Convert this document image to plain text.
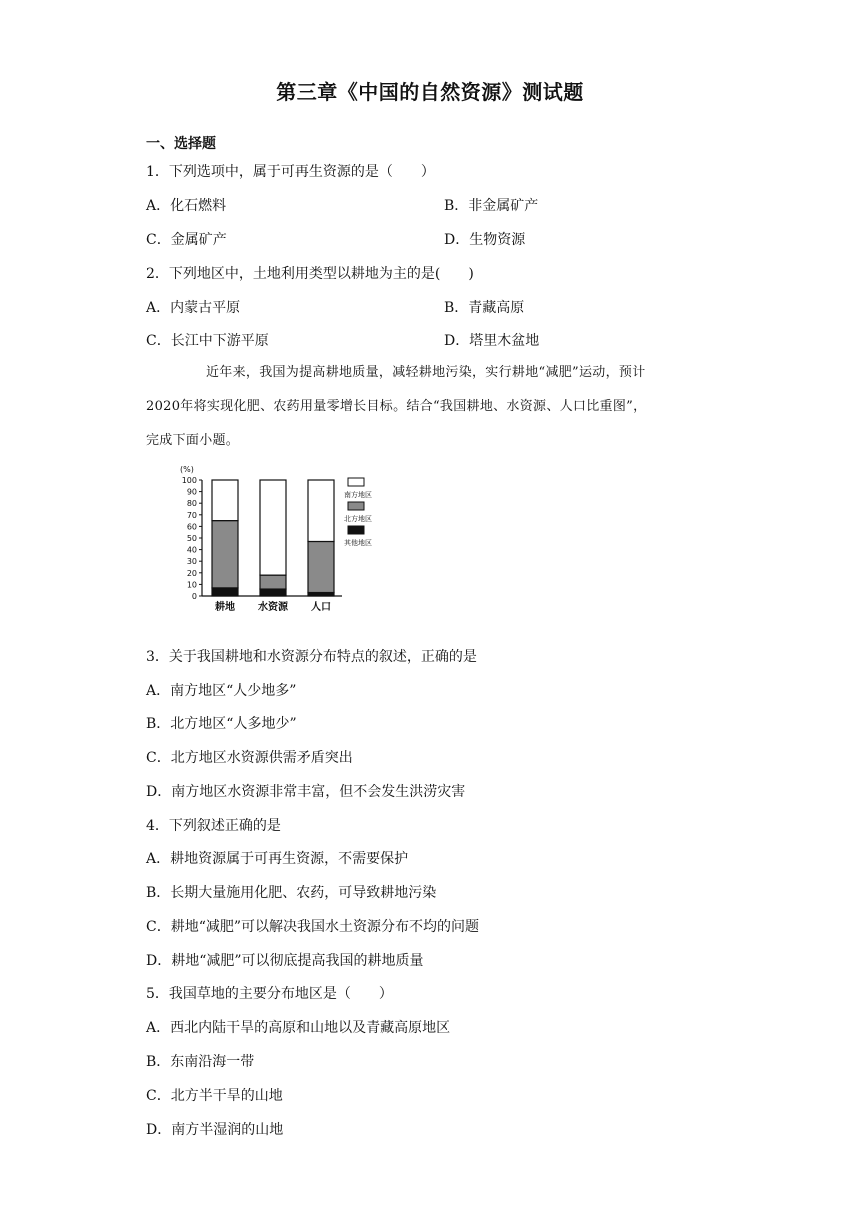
第三章《中国的自然资源》测试题
一、选择题
1．下列选项中，属于可再生资源的是（　　）
A．化石燃料	B．非金属矿产
C．金属矿产	D．生物资源
2．下列地区中，土地利用类型以耕地为主的是(　　)
A．内蒙古平原	B．青藏高原
C．长江中下游平原	D．塔里木盆地

近年来，我国为提高耕地质量，减轻耕地污染，实行耕地“减肥”运动，预计

2020年将实现化肥、农药用量零增长目标。结合“我国耕地、水资源、人口比重图”，

完成下面小题。

(%)
0
10
20
30
40
50
60
70
80
90
100
耕地 水资源 人口
南方地区
北方地区
其他地区
3．关于我国耕地和水资源分布特点的叙述，正确的是
A．南方地区“人少地多”
B．北方地区“人多地少”
C．北方地区水资源供需矛盾突出
D．南方地区水资源非常丰富，但不会发生洪涝灾害
4．下列叙述正确的是
A．耕地资源属于可再生资源，不需要保护
B．长期大量施用化肥、农药，可导致耕地污染
C．耕地“减肥”可以解决我国水土资源分布不均的问题
D．耕地“减肥”可以彻底提高我国的耕地质量
5．我国草地的主要分布地区是（　　）
A．西北内陆干旱的高原和山地以及青藏高原地区
B．东南沿海一带
C．北方半干旱的山地
D．南方半湿润的山地
